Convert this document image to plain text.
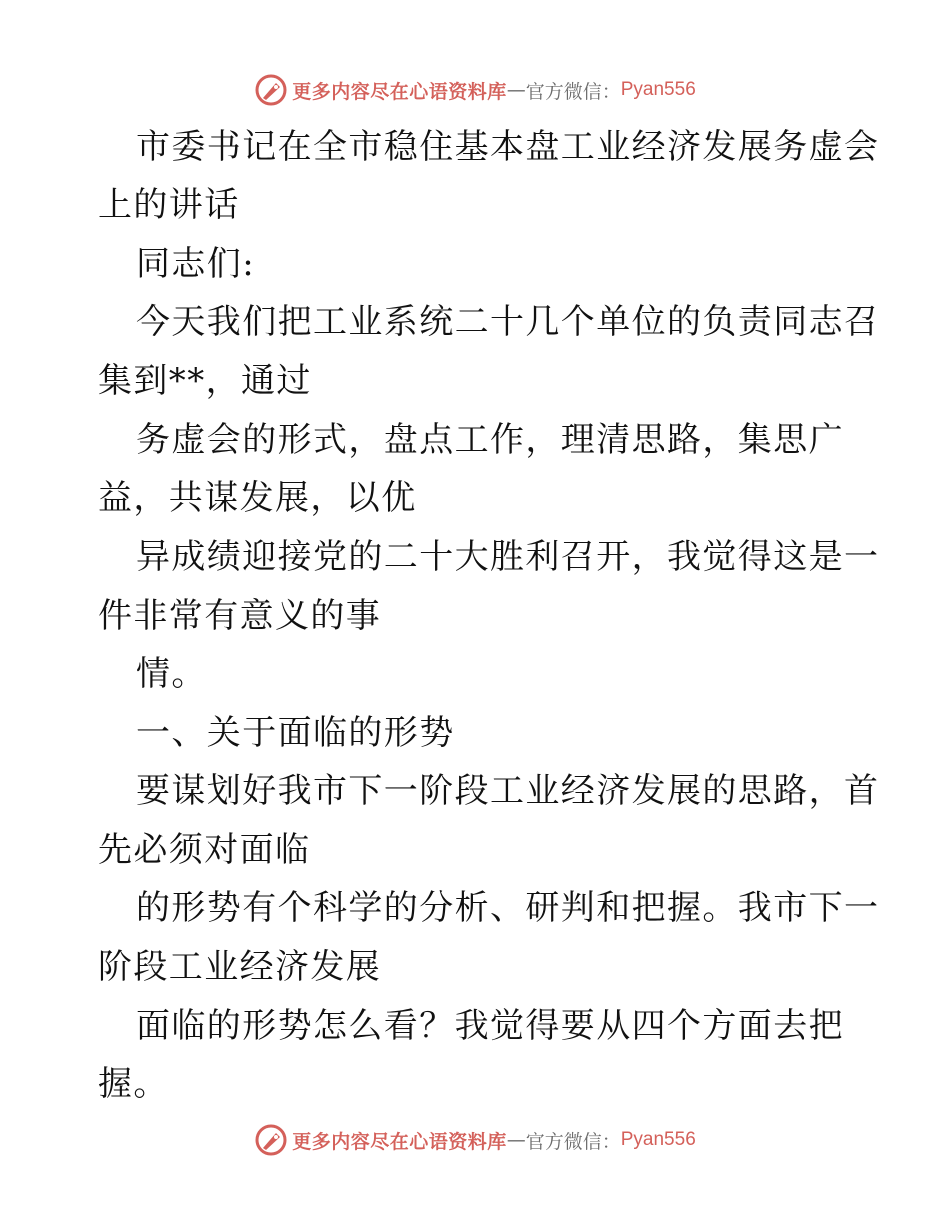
更多内容尽在心语资料库 — 官方微信： Pyan556
市委书记在全市稳住基本盘工业经济发展务虚会
上的讲话
同志们:
今天我们把工业系统二十几个单位的负责同志召
集到**，通过
务虚会的形式，盘点工作，理清思路，集思广
益，共谋发展，以优
异成绩迎接党的二十大胜利召开，我觉得这是一
件非常有意义的事
情。
一、关于面临的形势
要谋划好我市下一阶段工业经济发展的思路，首
先必须对面临
的形势有个科学的分析、研判和把握。我市下一
阶段工业经济发展
面临的形势怎么看？我觉得要从四个方面去把
握。
更多内容尽在心语资料库 — 官方微信： Pyan556
